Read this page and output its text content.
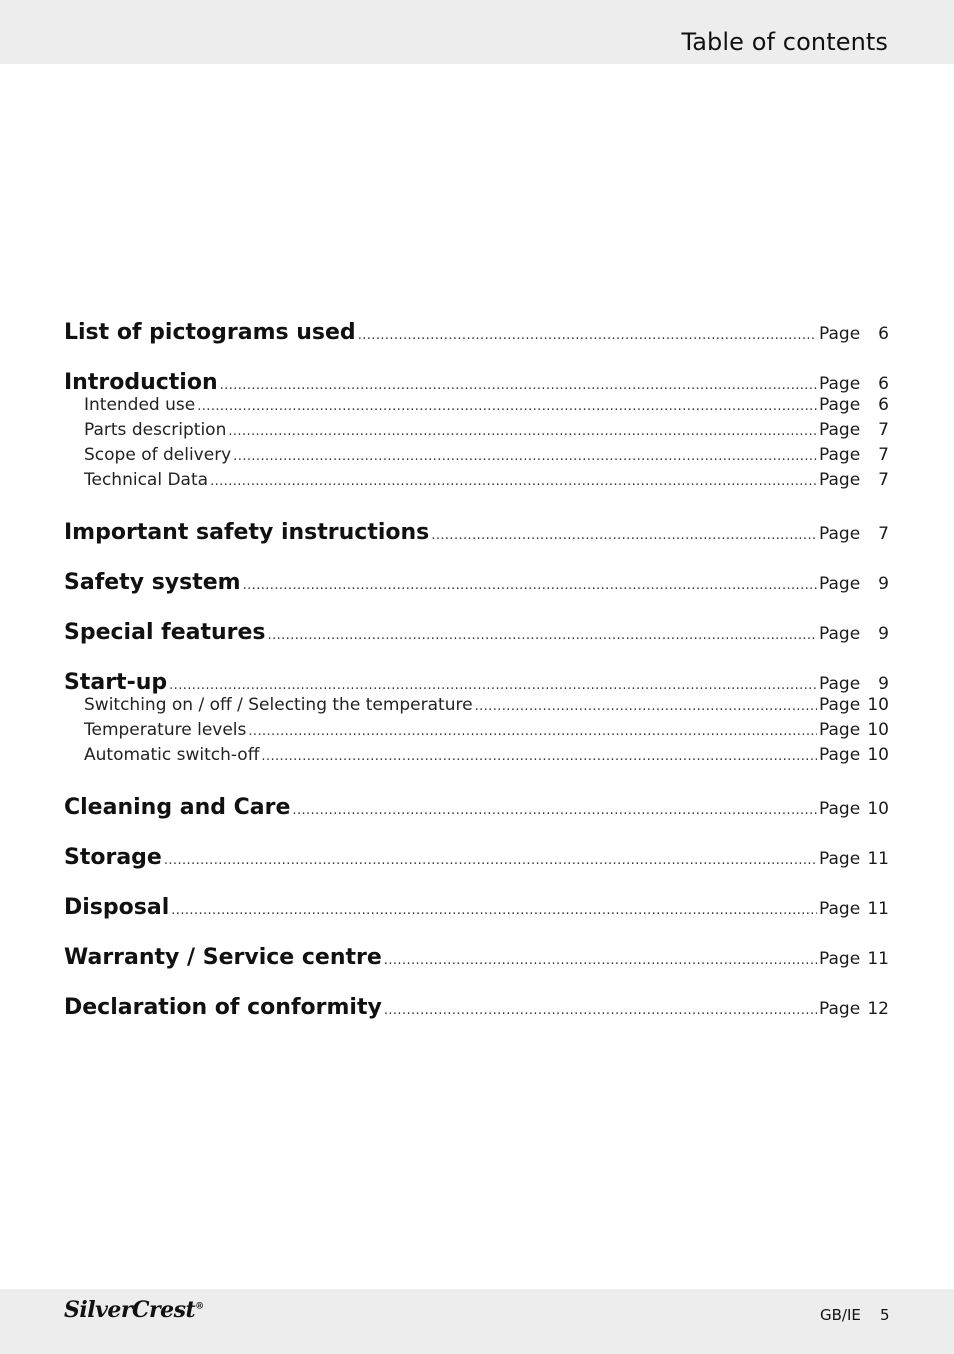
Table of contents
List of pictograms used .....	Page	6
Introduction .....	Page	6
Intended use .....	Page	6
Parts description .....	Page	7
Scope of delivery .....	Page	7
Technical Data .....	Page	7
Important safety instructions .....	Page	7
Safety system .....	Page	9
Special features .....	Page	9
Start-up .....	Page	9
Switching on / off / Selecting the temperature .....	Page 10
Temperature levels .....	Page 10
Automatic switch-off .....	Page 10
Cleaning and Care .....	Page 10
Storage .....	Page 11
Disposal .....	Page 11
Warranty / Service centre .....	Page 11
Declaration of conformity .....	Page 12
SilverCrest®	GB/IE 5
